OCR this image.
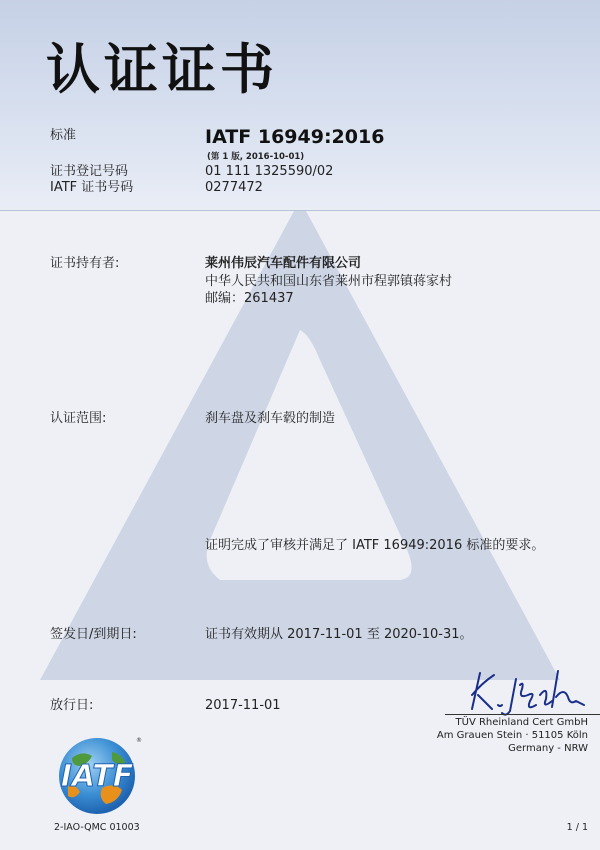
认证证书
标准	IATF 16949:2016
(第 1 版, 2016-10-01)
证书登记号码	01 111 1325590/02
IATF 证书号码	0277472
证书持有者:	莱州伟辰汽车配件有限公司
中华人民共和国山东省莱州市程郭镇蒋家村
邮编：261437
认证范围:	刹车盘及刹车毂的制造
证明完成了审核并满足了 IATF 16949:2016 标准的要求。
签发日/到期日:	证书有效期从 2017-11-01 至 2020-10-31。
放行日:	2017-11-01
TÜV Rheinland Cert GmbH
Am Grauen Stein · 51105 Köln
Germany - NRW
IATF
®
2-IAO-QMC 01003	1 / 1
